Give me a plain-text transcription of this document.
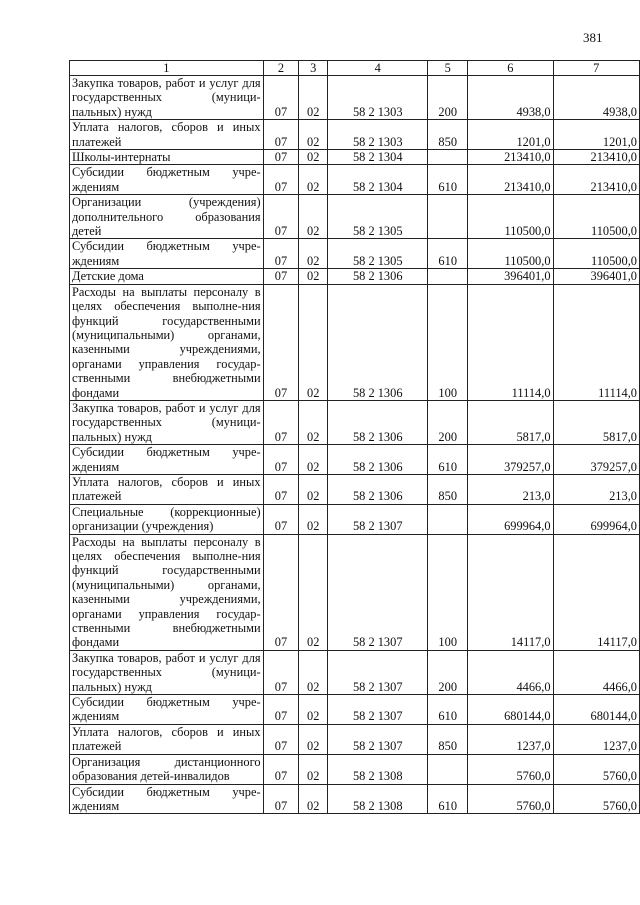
381
1	2	3	4	5	6	7
Закупка товаров, работ и услуг для государственных (муници-пальных) нужд	07	02	58 2 1303	200	4938,0	4938,0
Уплата налогов, сборов и иных платежей	07	02	58 2 1303	850	1201,0	1201,0
Школы-интернаты	07	02	58 2 1304		213410,0	213410,0
Субсидии бюджетным учре-ждениям	07	02	58 2 1304	610	213410,0	213410,0
Организации (учреждения) дополнительного образования детей	07	02	58 2 1305		110500,0	110500,0
Субсидии бюджетным учре-ждениям	07	02	58 2 1305	610	110500,0	110500,0
Детские дома	07	02	58 2 1306		396401,0	396401,0
Расходы на выплаты персоналу в целях обеспечения выполне-ния функций государственными (муниципальными) органами, казенными учреждениями, органами управления государ-ственными внебюджетными фондами	07	02	58 2 1306	100	11114,0	11114,0
Закупка товаров, работ и услуг для государственных (муници-пальных) нужд	07	02	58 2 1306	200	5817,0	5817,0
Субсидии бюджетным учре-ждениям	07	02	58 2 1306	610	379257,0	379257,0
Уплата налогов, сборов и иных платежей	07	02	58 2 1306	850	213,0	213,0
Специальные (коррекционные) организации (учреждения)	07	02	58 2 1307		699964,0	699964,0
Расходы на выплаты персоналу в целях обеспечения выполне-ния функций государственными (муниципальными) органами, казенными учреждениями, органами управления государ-ственными внебюджетными фондами	07	02	58 2 1307	100	14117,0	14117,0
Закупка товаров, работ и услуг для государственных (муници-пальных) нужд	07	02	58 2 1307	200	4466,0	4466,0
Субсидии бюджетным учре-ждениям	07	02	58 2 1307	610	680144,0	680144,0
Уплата налогов, сборов и иных платежей	07	02	58 2 1307	850	1237,0	1237,0
Организация дистанционного образования детей-инвалидов	07	02	58 2 1308		5760,0	5760,0
Субсидии бюджетным учре-ждениям	07	02	58 2 1308	610	5760,0	5760,0
